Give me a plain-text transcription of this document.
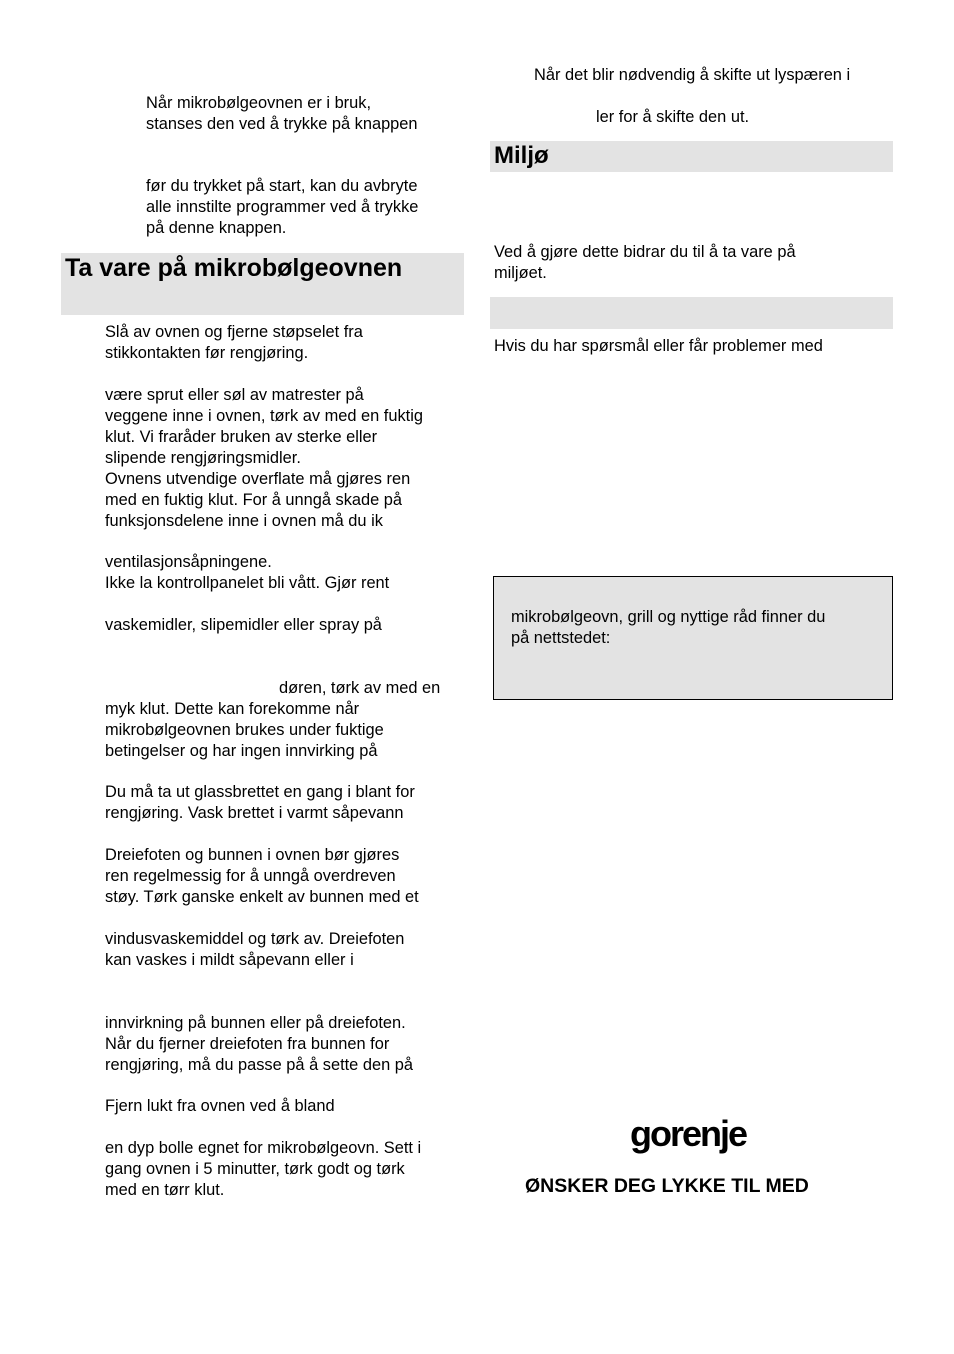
Når mikrobølgeovnen er i bruk,
stanses den ved å trykke på knappen
før du trykket på start, kan du avbryte
alle innstilte programmer ved å trykke
på denne knappen.
Ta vare på mikrobølgeovnen
Slå av ovnen og fjerne støpselet fra
stikkontakten før rengjøring.
være sprut eller søl av matrester på
veggene inne i ovnen, tørk av med en fuktig
klut. Vi fraråder bruken av sterke eller
slipende rengjøringsmidler.
Ovnens utvendige overflate må gjøres ren
med en fuktig klut. For å unngå skade på
funksjonsdelene inne i ovnen må du ik
ventilasjonsåpningene.
Ikke la kontrollpanelet bli vått. Gjør rent
vaskemidler, slipemidler eller spray på
døren, tørk av med en
myk klut. Dette kan forekomme når
mikrobølgeovnen brukes under fuktige
betingelser og har ingen innvirking på
Du må ta ut glassbrettet en gang i blant for
rengjøring. Vask brettet i varmt såpevann
Dreiefoten og bunnen i ovnen bør gjøres
ren regelmessig for å unngå overdreven
støy. Tørk ganske enkelt av bunnen med et
vindusvaskemiddel og tørk av. Dreiefoten
kan vaskes i mildt såpevann eller i
innvirkning på bunnen eller på dreiefoten.
Når du fjerner dreiefoten fra bunnen for
rengjøring, må du passe på å sette den på
Fjern lukt fra ovnen ved å bland
en dyp bolle egnet for mikrobølgeovn. Sett i
gang ovnen i 5 minutter, tørk godt og tørk
med en tørr klut.
Når det blir nødvendig å skifte ut lyspæren i
ler for å skifte den ut.
Miljø
Ved å gjøre dette bidrar du til å ta vare på
miljøet.
Hvis du har spørsmål eller får problemer med
mikrobølgeovn, grill og nyttige råd finner du
på nettstedet:
gorenje
ØNSKER DEG LYKKE TIL MED
